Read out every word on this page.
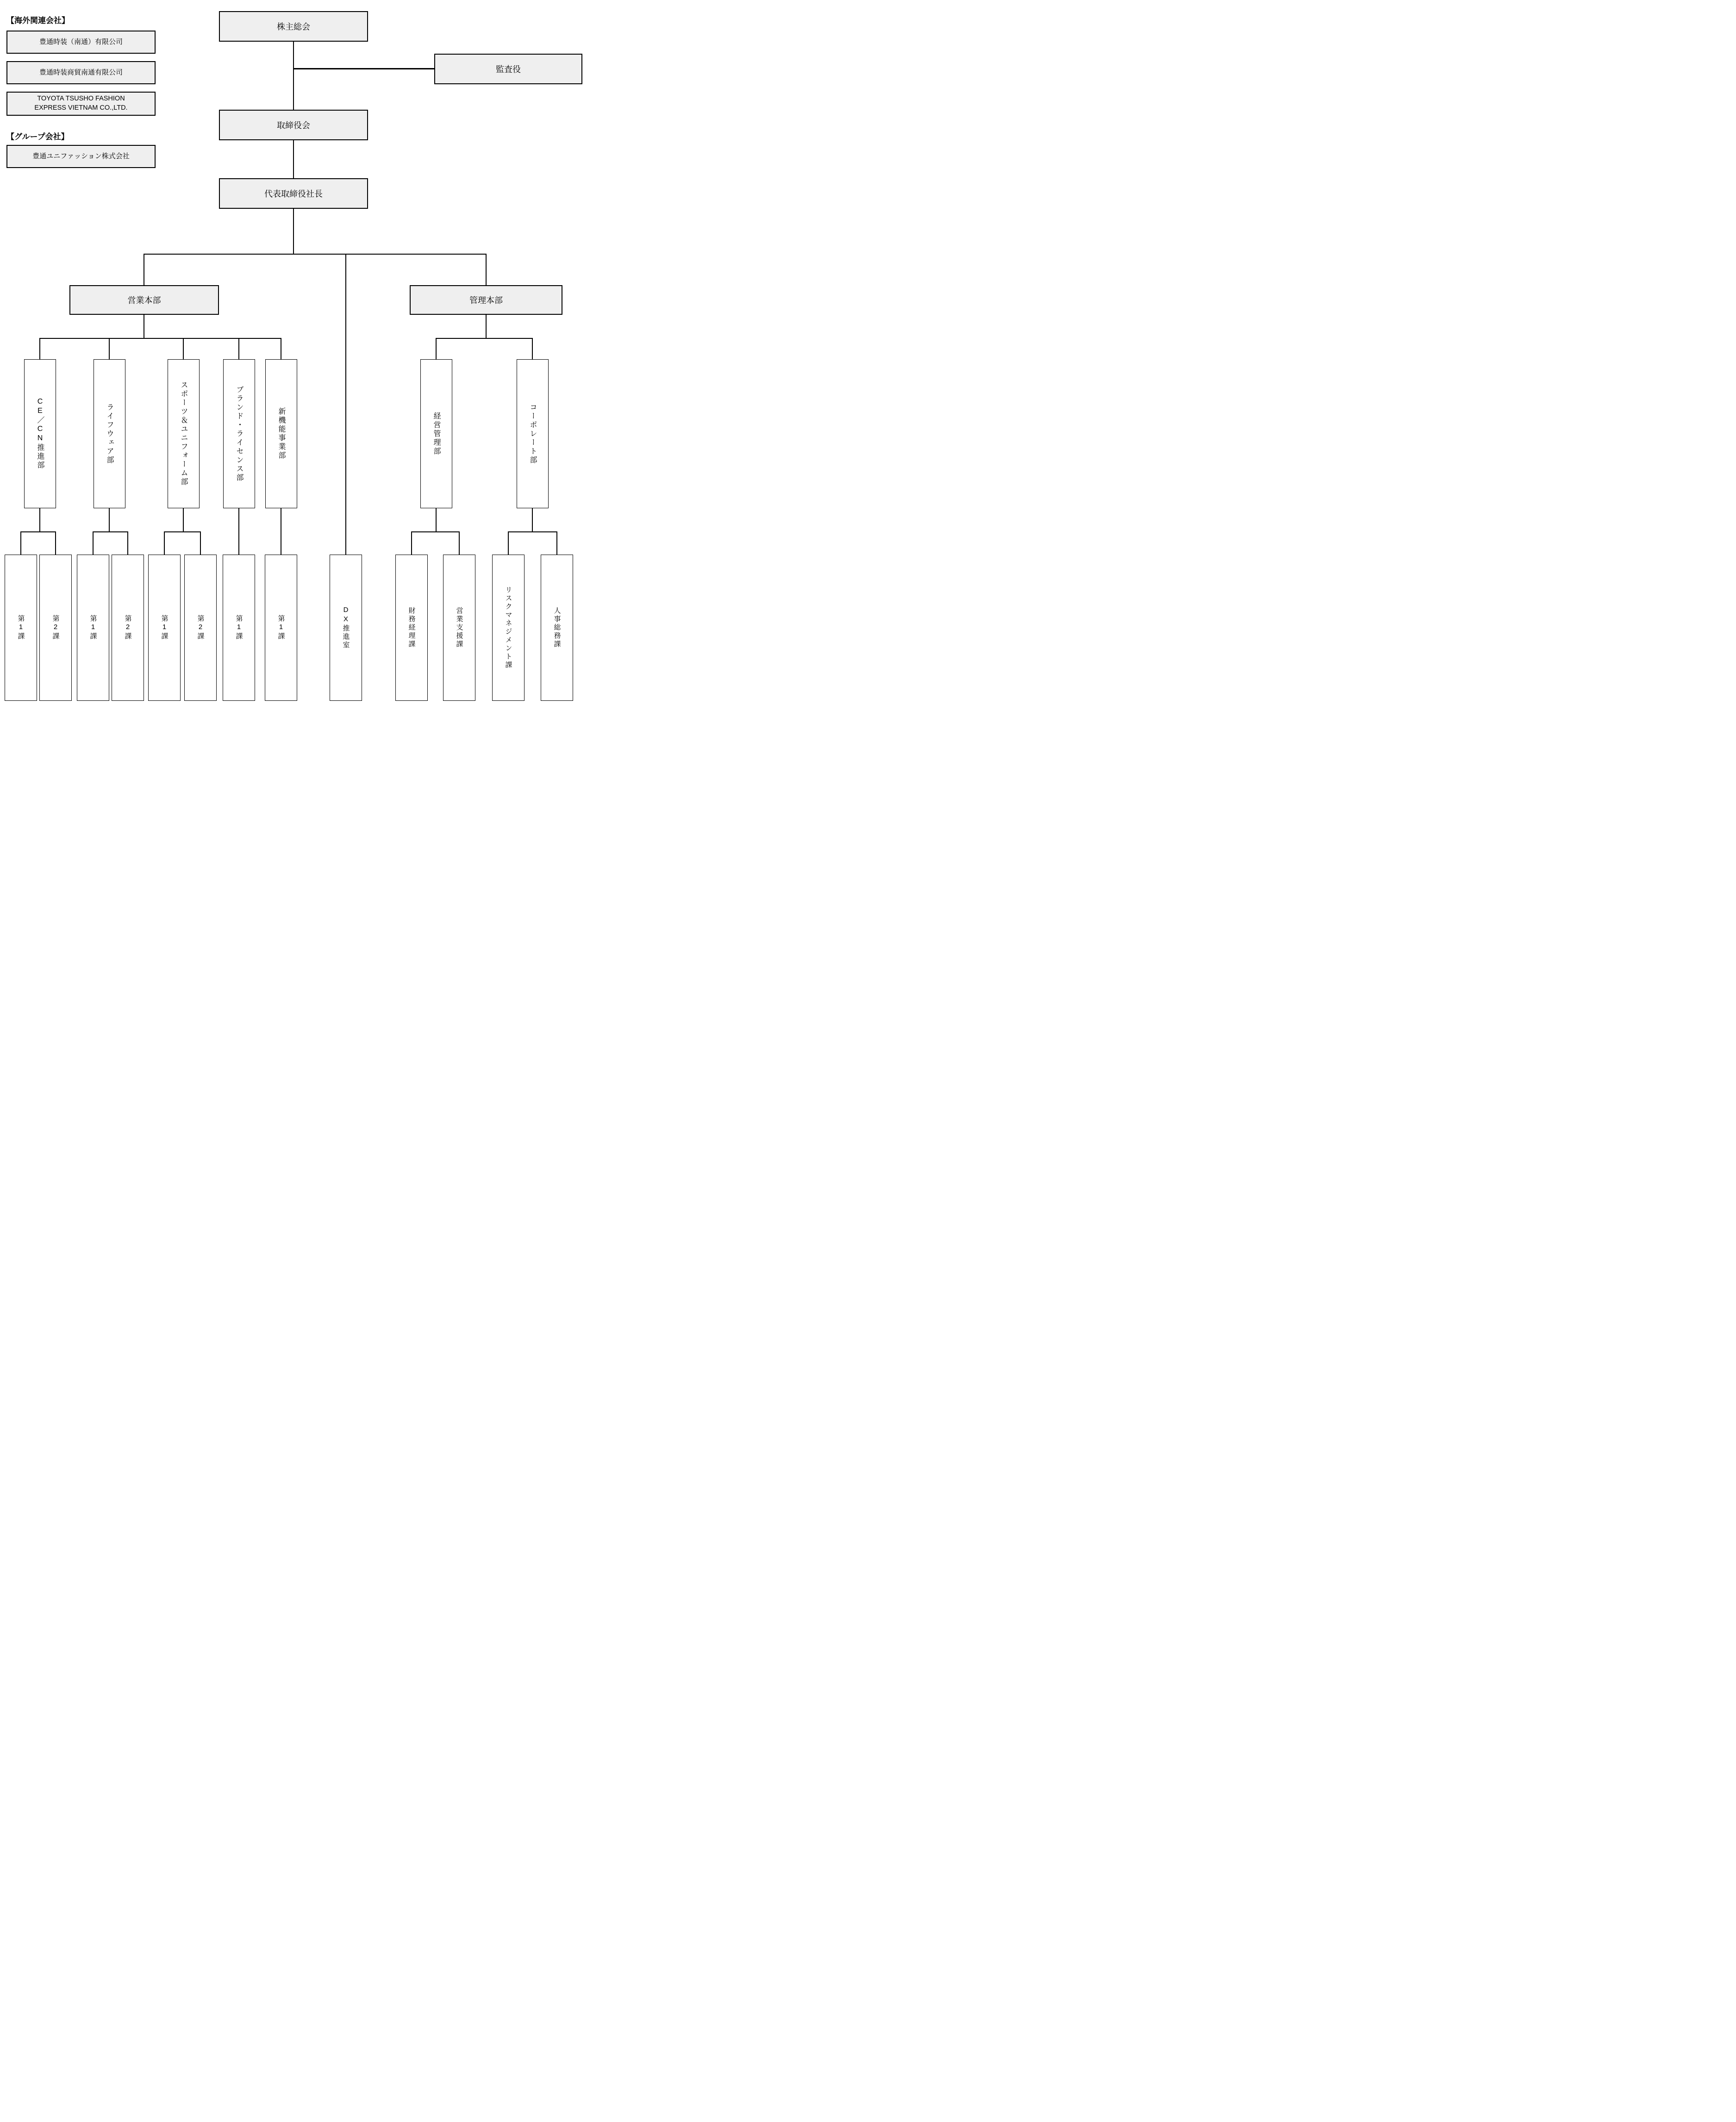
【海外関連会社】
豊通時装（南通）有限公司
豊通時装商貿南通有限公司
TOYOTA TSUSHO FASHION
EXPRESS VIETNAM CO.,LTD.
【グループ会社】
豊通ユニファッション株式会社
株主総会
監査役
取締役会
代表取締役社長
営業本部	管理本部
CE／CN推進部	ライフウェア部	スポーツ＆ユニフォーム部	ブランド・ライセンス部	新機能事業部	経営管理部	コーポレート部
第1課	第2課	第1課	第2課	第1課	第2課	第1課	第1課	DX推進室	財務経理課	営業支援課	リスクマネジメント課	人事総務課
